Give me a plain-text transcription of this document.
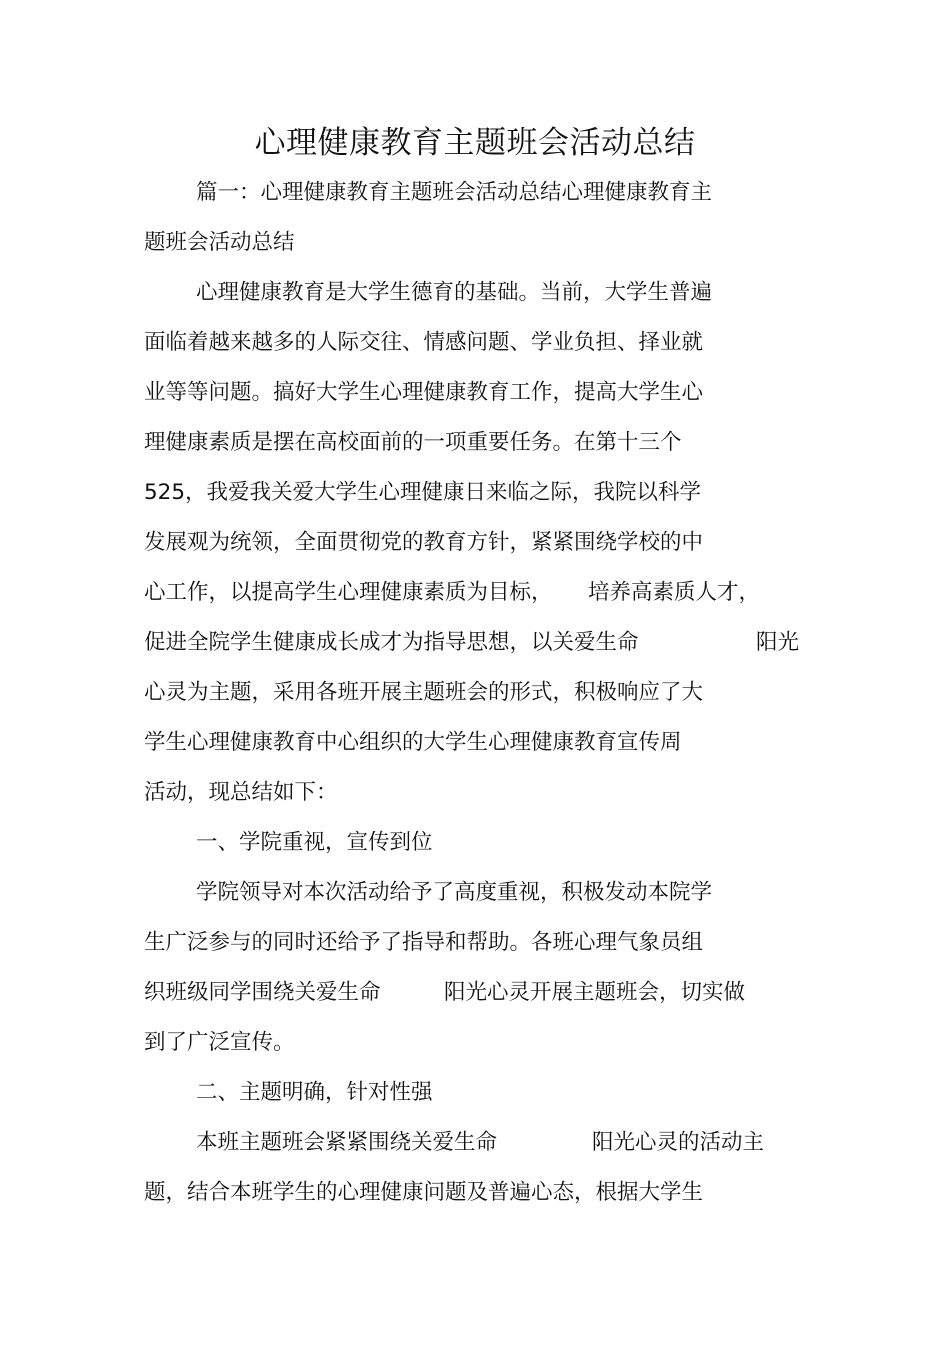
心理健康教育主题班会活动总结
篇一：心理健康教育主题班会活动总结心理健康教育主
题班会活动总结
心理健康教育是大学生德育的基础。当前，大学生普遍
面临着越来越多的人际交往、情感问题、学业负担、择业就
业等等问题。搞好大学生心理健康教育工作，提高大学生心
理健康素质是摆在高校面前的一项重要任务。在第十三个
525，我爱我关爱大学生心理健康日来临之际，我院以科学
发展观为统领，全面贯彻党的教育方针，紧紧围绕学校的中
心工作，以提高学生心理健康素质为目标， 培养高素质人才，
促进全院学生健康成长成才为指导思想，以关爱生命	阳光
心灵为主题，采用各班开展主题班会的形式，积极响应了大
学生心理健康教育中心组织的大学生心理健康教育宣传周
活动，现总结如下：
一、学院重视，宣传到位
学院领导对本次活动给予了高度重视，积极发动本院学
生广泛参与的同时还给予了指导和帮助。各班心理气象员组
织班级同学围绕关爱生命	阳光心灵开展主题班会，切实做
到了广泛宣传。
二、主题明确，针对性强
本班主题班会紧紧围绕关爱生命	阳光心灵的活动主
题，结合本班学生的心理健康问题及普遍心态，根据大学生
